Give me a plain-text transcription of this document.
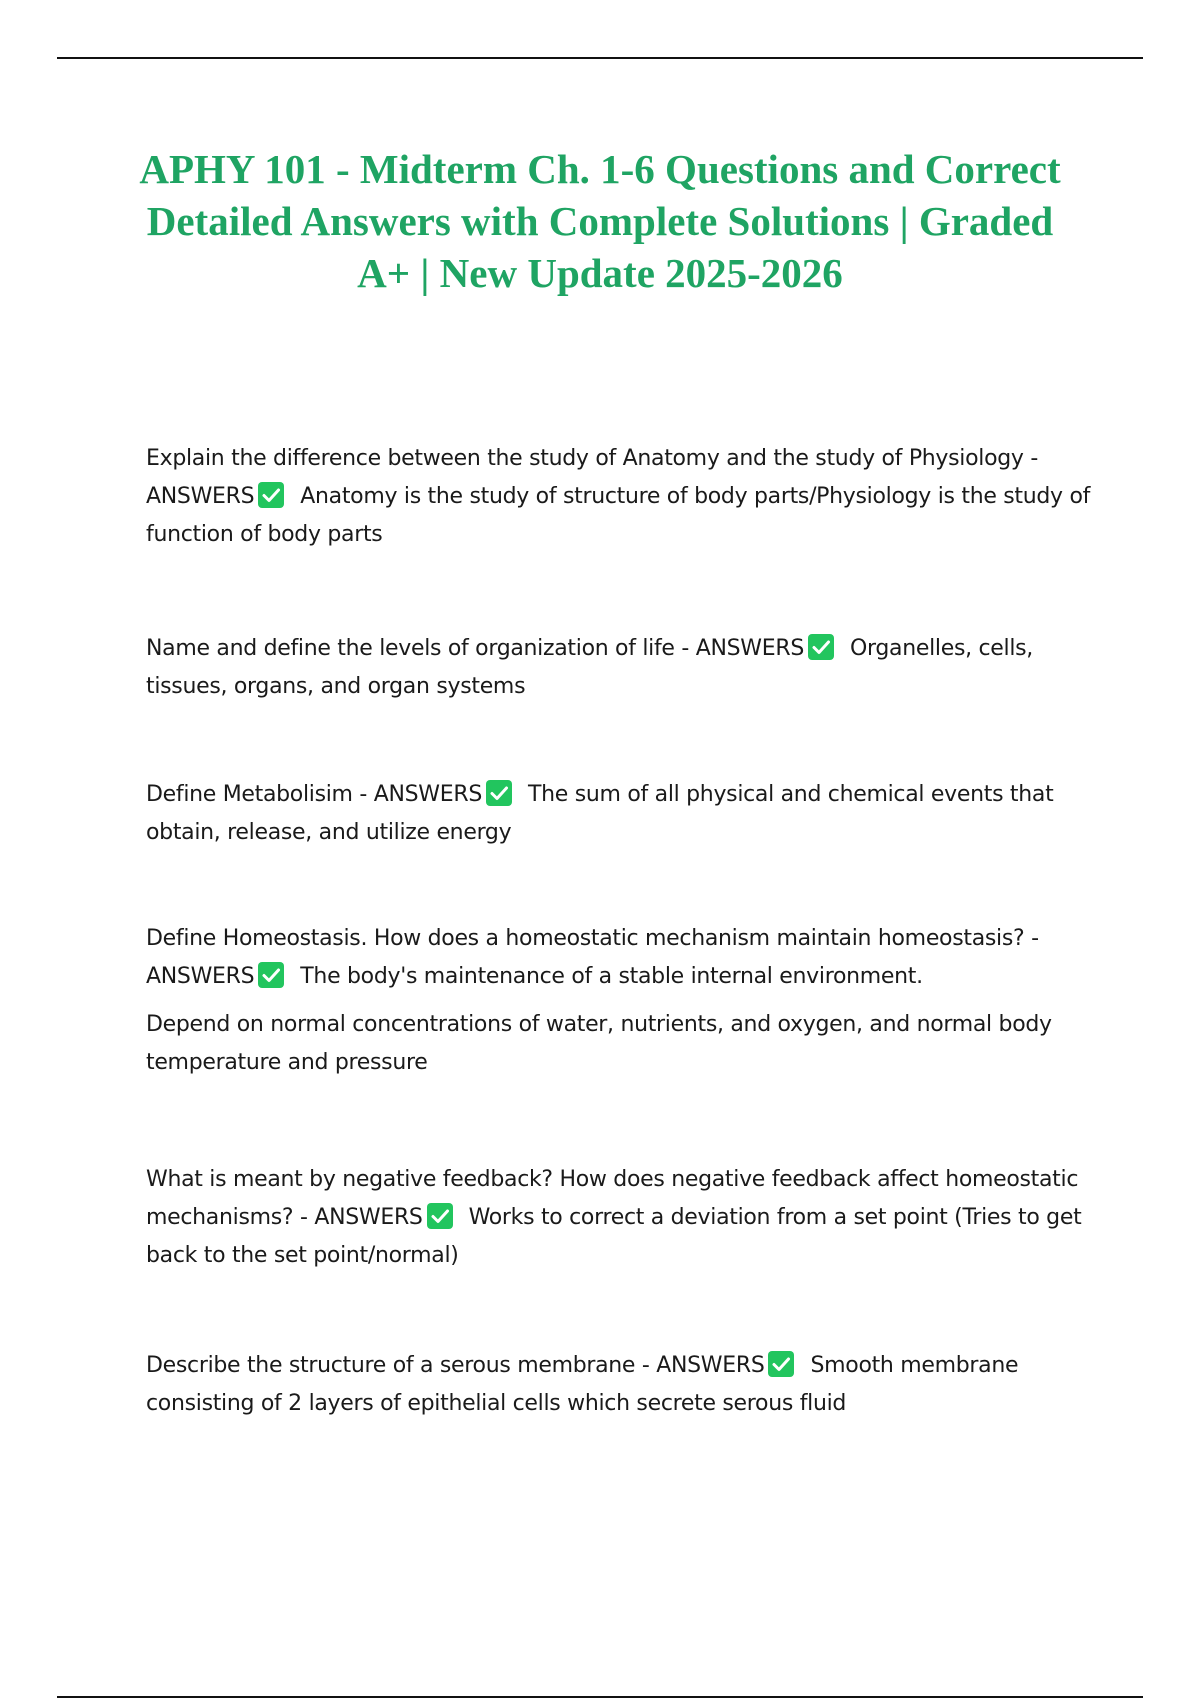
APHY 101 - Midterm Ch. 1-6 Questions and Correct Detailed Answers with Complete Solutions | Graded A+ | New Update 2025-2026

Explain the difference between the study of Anatomy and the study of Physiology - ANSWERS Anatomy is the study of structure of body parts/Physiology is the study of function of body parts

Name and define the levels of organization of life - ANSWERS Organelles, cells, tissues, organs, and organ systems

Define Metabolisim - ANSWERS The sum of all physical and chemical events that obtain, release, and utilize energy

Define Homeostasis. How does a homeostatic mechanism maintain homeostasis? - ANSWERS The body's maintenance of a stable internal environment.

Depend on normal concentrations of water, nutrients, and oxygen, and normal body temperature and pressure

What is meant by negative feedback? How does negative feedback affect homeostatic mechanisms? - ANSWERS Works to correct a deviation from a set point (Tries to get back to the set point/normal)

Describe the structure of a serous membrane - ANSWERS Smooth membrane consisting of 2 layers of epithelial cells which secrete serous fluid
